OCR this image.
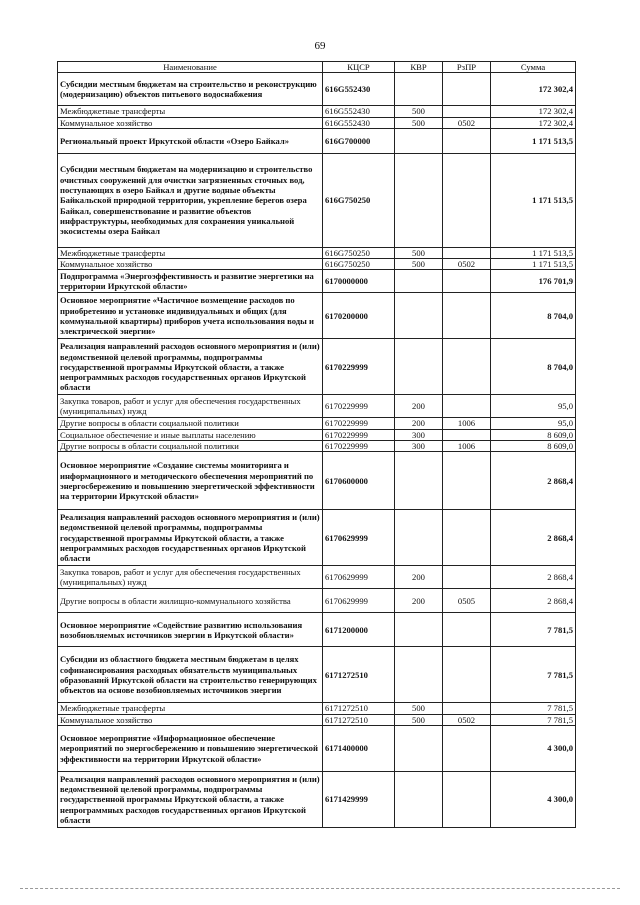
69
Наименование	КЦСР	КВР	РзПР	Сумма
Субсидии местным бюджетам на строительство и реконструкцию (модернизацию) объектов питьевого водоснабжения	616G552430			172 302,4
Межбюджетные трансферты	616G552430	500		172 302,4
Коммунальное хозяйство	616G552430	500	0502	172 302,4
Региональный проект Иркутской области «Озеро Байкал»	616G700000			1 171 513,5
Субсидии местным бюджетам на модернизацию и строительство очистных сооружений для очистки загрязненных сточных вод, поступающих в озеро Байкал и другие водные объекты Байкальской природной территории, укрепление берегов озера Байкал, совершенствование и развитие объектов инфраструктуры, необходимых для сохранения уникальной экосистемы озера Байкал	616G750250			1 171 513,5
Межбюджетные трансферты	616G750250	500		1 171 513,5
Коммунальное хозяйство	616G750250	500	0502	1 171 513,5
Подпрограмма «Энергоэффективность и развитие энергетики на территории Иркутской области»	6170000000			176 701,9
Основное мероприятие «Частичное возмещение расходов по приобретению и установке индивидуальных и общих (для коммунальной квартиры) приборов учета использования воды и электрической энергии»	6170200000			8 704,0
Реализация направлений расходов основного мероприятия и (или) ведомственной целевой программы, подпрограммы государственной программы Иркутской области, а также непрограммных расходов государственных органов Иркутской области	6170229999			8 704,0
Закупка товаров, работ и услуг для обеспечения государственных (муниципальных) нужд	6170229999	200		95,0
Другие вопросы в области социальной политики	6170229999	200	1006	95,0
Социальное обеспечение и иные выплаты населению	6170229999	300		8 609,0
Другие вопросы в области социальной политики	6170229999	300	1006	8 609,0
Основное мероприятие «Создание системы мониторинга и информационного и методического обеспечения мероприятий по энергосбережению и повышению энергетической эффективности на территории Иркутской области»	6170600000			2 868,4
Реализация направлений расходов основного мероприятия и (или) ведомственной целевой программы, подпрограммы государственной программы Иркутской области, а также непрограммных расходов государственных органов Иркутской области	6170629999			2 868,4
Закупка товаров, работ и услуг для обеспечения государственных (муниципальных) нужд	6170629999	200		2 868,4
Другие вопросы в области жилищно-коммунального хозяйства	6170629999	200	0505	2 868,4
Основное мероприятие «Содействие развитию использования возобновляемых источников энергии в Иркутской области»	6171200000			7 781,5
Субсидии из областного бюджета местным бюджетам в целях софинансирования расходных обязательств муниципальных образований Иркутской области на строительство генерирующих объектов на основе возобновляемых источников энергии	6171272510			7 781,5
Межбюджетные трансферты	6171272510	500		7 781,5
Коммунальное хозяйство	6171272510	500	0502	7 781,5
Основное мероприятие «Информационное обеспечение мероприятий по энергосбережению и повышению энергетической эффективности на территории Иркутской области»	6171400000			4 300,0
Реализация направлений расходов основного мероприятия и (или) ведомственной целевой программы, подпрограммы государственной программы Иркутской области, а также непрограммных расходов государственных органов Иркутской области	6171429999			4 300,0
